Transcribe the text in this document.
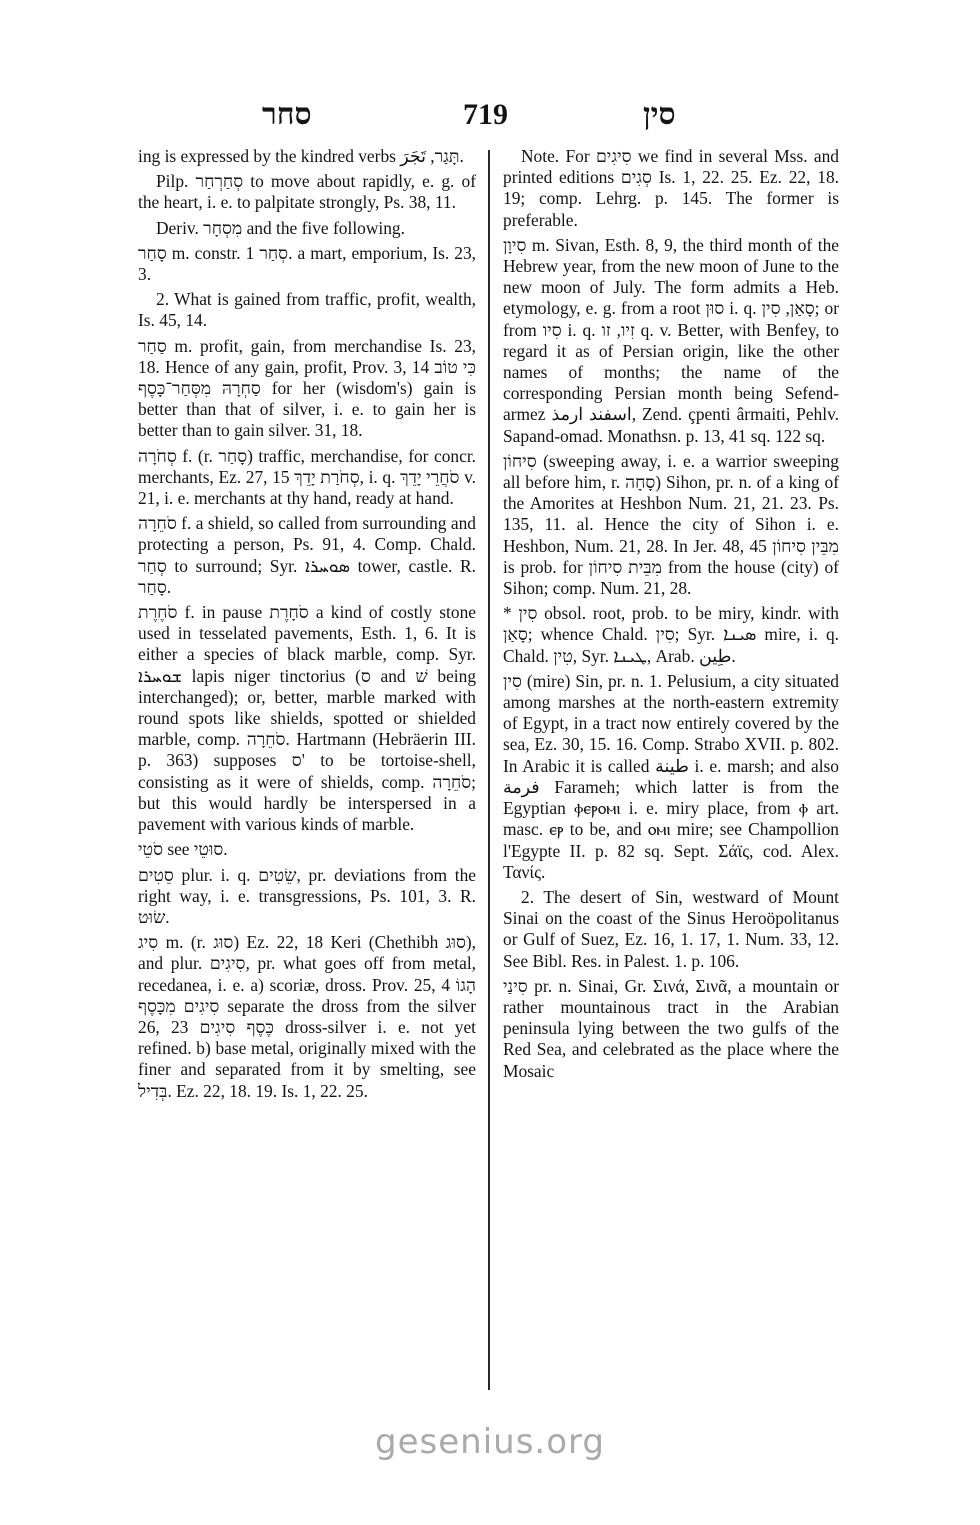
סחר	719	סין

ing is expressed by the kindred verbs תָּגַר, تَجَرَ.

Pilp. סְחַרְחַר to move about rapidly, e. g. of the heart, i. e. to palpitate strongly, Ps. 38, 11.

Deriv. מִסְחָר and the five following.

סָחַר m. constr. סְחַר 1. a mart, emporium, Is. 23, 3.

2. What is gained from traffic, profit, wealth, Is. 45, 14.

סַחַר m. profit, gain, from merchandise Is. 23, 18. Hence of any gain, profit, Prov. 3, 14 כִּי טוֹב סַחְרָהּ מִסְּחַר־כָּסֶף for her (wisdom's) gain is better than that of silver, i. e. to gain her is better than to gain silver. 31, 18.

סְחֹרָה f. (r. סָחַר) traffic, merchandise, for concr. merchants, Ez. 27, 15 סְחֹרַת יָדֵךְ, i. q. סֹחֲרֵי יָדֵךְ v. 21, i. e. merchants at thy hand, ready at hand.

סֹחֵרָה f. a shield, so called from surrounding and protecting a person, Ps. 91, 4. Comp. Chald. סְחַר to surround; Syr. ܣܘܚܪܐ tower, castle. R. סָחַר.

סֹחֶרֶת f. in pause סֹחָרֶת a kind of costly stone used in tesselated pavements, Esth. 1, 6. It is either a species of black marble, comp. Syr. ܫܘܚܪܐ lapis niger tinctorius (ס and שׁ being interchanged); or, better, marble marked with round spots like shields, spotted or shielded marble, comp. סֹחֵרָה. Hartmann (Hebräerin III. p. 363) supposes ס' to be tortoise-shell, consisting as it were of shields, comp. סֹחֵרָה; but this would hardly be interspersed in a pavement with various kinds of marble.

סֹטֵי see סוּטֵי.

סֵטִים plur. i. q. שֵׂטִים, pr. deviations from the right way, i. e. transgressions, Ps. 101, 3. R. שׂוּט.

סִיג m. (r. סוּג) Ez. 22, 18 Keri (Chethibh סוּג), and plur. סִיגִים, pr. what goes off from metal, recedanea, i. e. a) scoriæ, dross. Prov. 25, 4 הָגוֹ סִיגִים מִכָּסֶף separate the dross from the silver 26, 23 כֶּסֶף סִיגִים dross-silver i. e. not yet refined. b) base metal, originally mixed with the finer and separated from it by smelting, see בְּדִיל. Ez. 22, 18. 19. Is. 1, 22. 25.

Note. For סִיגִים we find in several Mss. and printed editions סְגִים Is. 1, 22. 25. Ez. 22, 18. 19; comp. Lehrg. p. 145. The former is preferable.

סִיוָן m. Sivan, Esth. 8, 9, the third month of the Hebrew year, from the new moon of June to the new moon of July. The form admits a Heb. etymology, e. g. from a root סוּן i. q. סָאַן, סִין; or from סִיו i. q. זִיו, זו q. v. Better, with Benfey, to regard it as of Persian origin, like the other names of months; the name of the corresponding Persian month being Sefend-armez اسفند ارمذ, Zend. çpenti ârmaiti, Pehlv. Sapand-omad. Monathsn. p. 13, 41 sq. 122 sq.

סִיחוֹן (sweeping away, i. e. a warrior sweeping all before him, r. סָחָה) Sihon, pr. n. of a king of the Amorites at Heshbon Num. 21, 21. 23. Ps. 135, 11. al. Hence the city of Sihon i. e. Heshbon, Num. 21, 28. In Jer. 48, 45 מִבֵּין סִיחוֹן is prob. for מִבֵּית סִיחוֹן from the house (city) of Sihon; comp. Num. 21, 28.

* סִין obsol. root, prob. to be miry, kindr. with סָאַן; whence Chald. סִין; Syr. ܣܝܢܐ mire, i. q. Chald. טִין, Syr. ܛܝܢܐ, Arab. طِين.

סִין (mire) Sin, pr. n. 1. Pelusium, a city situated among marshes at the north-eastern extremity of Egypt, in a tract now entirely covered by the sea, Ez. 30, 15. 16. Comp. Strabo XVII. p. 802. In Arabic it is called طينة i. e. marsh; and also فرمة Farameh; which latter is from the Egyptian ⲫⲉⲣⲟⲙⲓ i. e. miry place, from ⲫ art. masc. ⲉⲣ to be, and ⲟⲙⲓ mire; see Champollion l'Egypte II. p. 82 sq. Sept. Σάϊς, cod. Alex. Τανίς.

2. The desert of Sin, westward of Mount Sinai on the coast of the Sinus Heroöpolitanus or Gulf of Suez, Ez. 16, 1. 17, 1. Num. 33, 12. See Bibl. Res. in Palest. 1. p. 106.

סִינַי pr. n. Sinai, Gr. Σινά, Σινᾶ, a mountain or rather mountainous tract in the Arabian peninsula lying between the two gulfs of the Red Sea, and celebrated as the place where the Mosaic

gesenius.org
